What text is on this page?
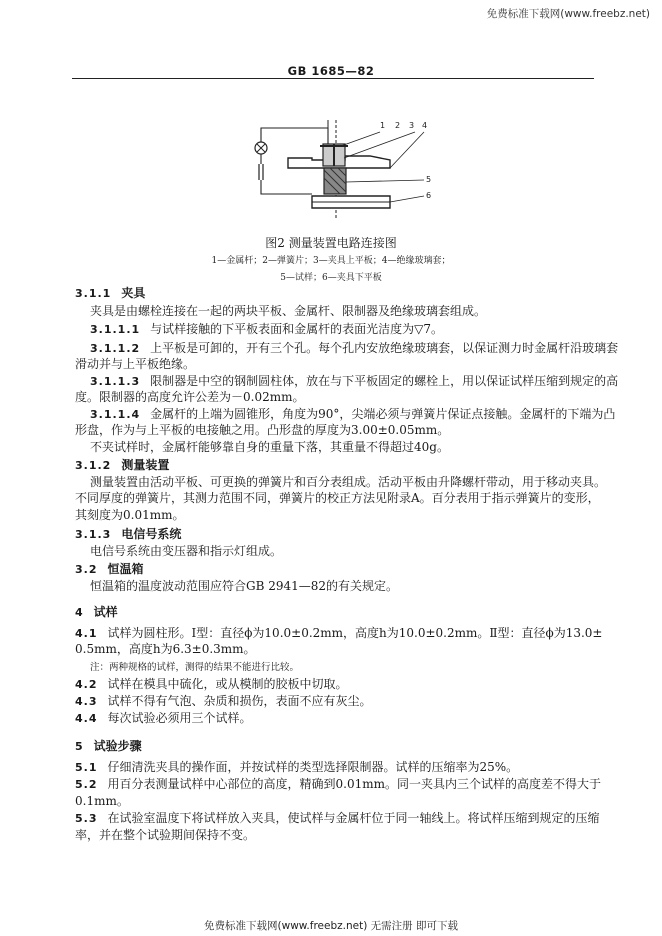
免费标准下载网(www.freebz.net)
GB 1685—82
1 2 3 4
5
6
图2 测量装置电路连接图
1—金属杆；2—弹簧片；3—夹具上平板；4—绝缘玻璃套；
5—试样；6—夹具下平板
3.1.1 夹具
夹具是由螺栓连接在一起的两块平板、金属杆、限制器及绝缘玻璃套组成。
3.1.1.1 与试样接触的下平板表面和金属杆的表面光洁度为▽7。
3.1.1.2 上平板是可卸的，开有三个孔。每个孔内安放绝缘玻璃套，以保证测力时金属杆沿玻璃套
滑动并与上平板绝缘。
3.1.1.3 限制器是中空的钢制圆柱体，放在与下平板固定的螺栓上，用以保证试样压缩到规定的高
度。限制器的高度允许公差为－0.02mm。
3.1.1.4 金属杆的上端为圆锥形，角度为90°，尖端必须与弹簧片保证点接触。金属杆的下端为凸
形盘，作为与上平板的电接触之用。凸形盘的厚度为3.00±0.05mm。
不夹试样时，金属杆能够靠自身的重量下落，其重量不得超过40g。
3.1.2 测量装置
测量装置由活动平板、可更换的弹簧片和百分表组成。活动平板由升降螺杆带动，用于移动夹具。
不同厚度的弹簧片，其测力范围不同，弹簧片的校正方法见附录A。百分表用于指示弹簧片的变形，
其刻度为0.01mm。
3.1.3 电信号系统
电信号系统由变压器和指示灯组成。
3.2 恒温箱
恒温箱的温度波动范围应符合GB 2941—82的有关规定。
4 试样
4.1 试样为圆柱形。Ⅰ型：直径ϕ为10.0±0.2mm，高度h为10.0±0.2mm。Ⅱ型：直径ϕ为13.0±
0.5mm，高度h为6.3±0.3mm。
注：两种规格的试样，测得的结果不能进行比较。
4.2 试样在模具中硫化，或从模制的胶板中切取。
4.3 试样不得有气泡、杂质和损伤，表面不应有灰尘。
4.4 每次试验必须用三个试样。
5 试验步骤
5.1 仔细清洗夹具的操作面，并按试样的类型选择限制器。试样的压缩率为25%。
5.2 用百分表测量试样中心部位的高度，精确到0.01mm。同一夹具内三个试样的高度差不得大于
0.1mm。
5.3 在试验室温度下将试样放入夹具，使试样与金属杆位于同一轴线上。将试样压缩到规定的压缩
率，并在整个试验期间保持不变。
免费标准下载网(www.freebz.net) 无需注册 即可下载
